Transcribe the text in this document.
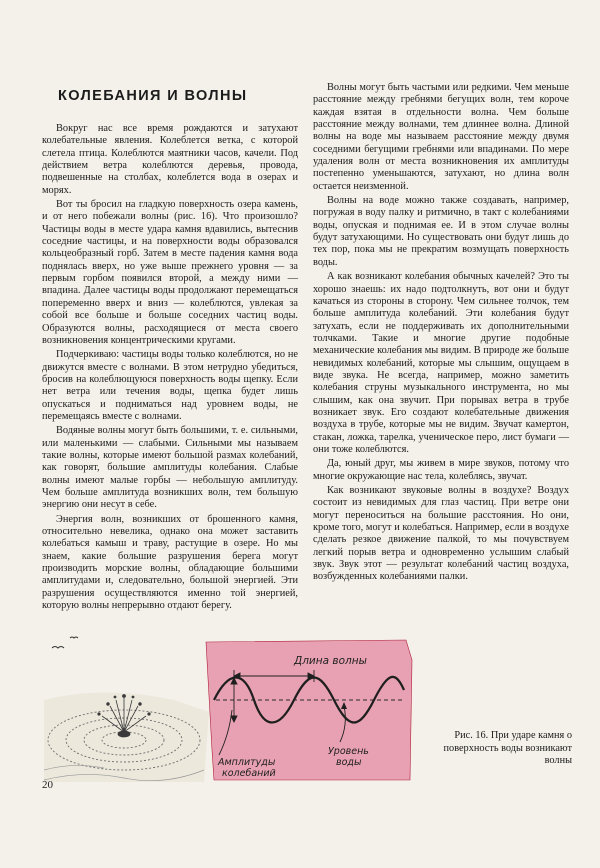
КОЛЕБАНИЯ И ВОЛНЫ

Вокруг нас все время рождаются и затухают колебательные явления. Колеблется ветка, с которой слетела птица. Колеблются маятники часов, качели. Под действием ветра колеблются деревья, провода, подвешенные на столбах, колеблется вода в озерах и морях.

Вот ты бросил на гладкую поверхность озера камень, и от него побежали волны (рис. 16). Что произошло? Частицы воды в месте удара камня вдавились, вытеснив соседние частицы, и на поверхности воды образовался кольцеобразный горб. Затем в месте падения камня вода поднялась вверх, но уже выше прежнего уровня — за первым горбом появился второй, а между ними — впадина. Далее частицы воды продолжают перемещаться попеременно вверх и вниз — колеблются, увлекая за собой все больше и больше соседних частиц воды. Образуются волны, расходящиеся от места своего возникновения концентрическими кругами.

Подчеркиваю: частицы воды только колеблются, но не движутся вместе с волнами. В этом нетрудно убедиться, бросив на колеблющуюся поверхность воды щепку. Если нет ветра или течения воды, щепка будет лишь опускаться и подниматься над уровнем воды, не перемещаясь вместе с волнами.

Водяные волны могут быть большими, т. е. сильными, или маленькими — слабыми. Сильными мы называем такие волны, которые имеют большой размах колебаний, как говорят, большие амплитуды колебания. Слабые волны имеют малые горбы — небольшую амплитуду. Чем больше амплитуда возникших волн, тем большую энергию они несут в себе.

Энергия волн, возникших от брошенного камня, относительно невелика, однако она может заставить колебаться камыш и траву, растущие в озере. Но мы знаем, какие большие разрушения берега могут производить морские волны, обладающие большими амплитудами и, следовательно, большой энергией. Эти разрушения осуществляются именно той энергией, которую волны непрерывно отдают берегу.

Волны могут быть частыми или редкими. Чем меньше расстояние между гребнями бегущих волн, тем короче каждая взятая в отдельности волна. Чем больше расстояние между волнами, тем длиннее волна. Длиной волны на воде мы называем расстояние между двумя соседними бегущими гребнями или впадинами. По мере удаления волн от места возникновения их амплитуды постепенно уменьшаются, затухают, но длина волн остается неизменной.

Волны на воде можно также создавать, например, погружая в воду палку и ритмично, в такт с колебаниями воды, опуская и поднимая ее. И в этом случае волны будут затухающими. Но существовать они будут лишь до тех пор, пока мы не прекратим возмущать поверхность воды.

А как возникают колебания обычных качелей? Это ты хорошо знаешь: их надо подтолкнуть, вот они и будут качаться из стороны в сторону. Чем сильнее толчок, тем больше амплитуда колебаний. Эти колебания будут затухать, если не поддерживать их дополнительными толчками. Такие и многие другие подобные механические колебания мы видим. В природе же больше невидимых колебаний, которые мы слышим, ощущаем в виде звука. Не всегда, например, можно заметить колебания струны музыкального инструмента, но мы слышим, как она звучит. При порывах ветра в трубе возникает звук. Его создают колебательные движения воздуха в трубе, которые мы не видим. Звучат камертон, стакан, ложка, тарелка, ученическое перо, лист бумаги — они тоже колеблются.

Да, юный друг, мы живем в мире звуков, потому что многие окружающие нас тела, колеблясь, звучат.

Как возникают звуковые волны в воздухе? Воздух состоит из невидимых для глаз частиц. При ветре они могут переноситься на большие расстояния. Но они, кроме того, могут и колебаться. Например, если в воздухе сделать резкое движение палкой, то мы почувствуем легкий порыв ветра и одновременно услышим слабый звук. Звук этот — результат колебаний частиц воздуха, возбужденных колебаниями палки.

Длина волны
Амплитуды
колебаний
Уровень
воды
Рис. 16. При ударе камня о поверхность воды возникают волны
20
